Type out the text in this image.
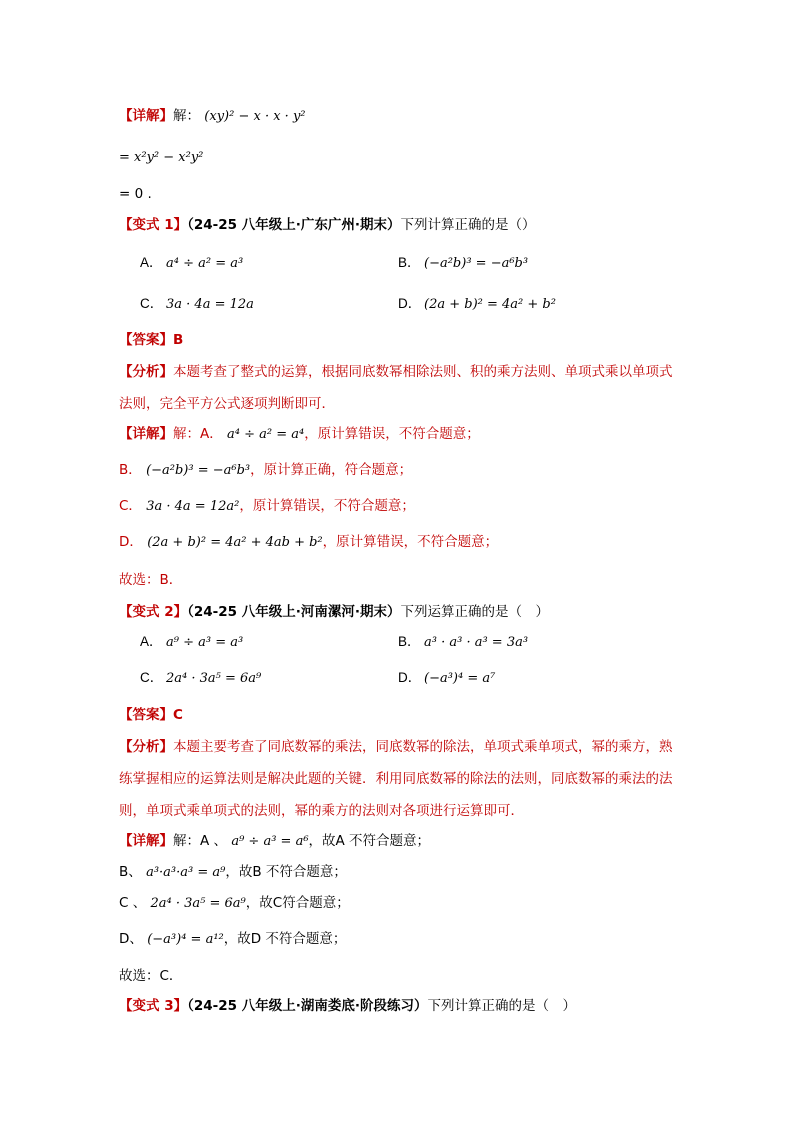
【详解】解： (xy)² − x · x · y²
= x²y² − x²y²
= 0 .
【变式 1】（24-25 八年级上·广东广州·期末）下列计算正确的是（）
A． a⁴ ÷ a² = a³	B． (−a²b)³ = −a⁶b³
C． 3a · 4a = 12a	D． (2a + b)² = 4a² + b²
【答案】B
【分析】本题考查了整式的运算，根据同底数幂相除法则、积的乘方法则、单项式乘以单项式法则，完全平方公式逐项判断即可．
【详解】解：A． a⁴ ÷ a² = a⁴，原计算错误，不符合题意；
B． (−a²b)³ = −a⁶b³，原计算正确，符合题意；
C． 3a · 4a = 12a²，原计算错误，不符合题意；
D． (2a + b)² = 4a² + 4ab + b²，原计算错误，不符合题意；
故选：B．
【变式 2】（24-25 八年级上·河南漯河·期末）下列运算正确的是（　）
A． a⁹ ÷ a³ = a³	B． a³ · a³ · a³ = 3a³
C． 2a⁴ · 3a⁵ = 6a⁹	D． (−a³)⁴ = a⁷
【答案】C
【分析】本题主要考查了同底数幂的乘法，同底数幂的除法，单项式乘单项式，幂的乘方，熟练掌握相应的运算法则是解决此题的关键．利用同底数幂的除法的法则，同底数幂的乘法的法则，单项式乘单项式的法则，幂的乘方的法则对各项进行运算即可．
【详解】解：A 、 a⁹ ÷ a³ = a⁶，故A 不符合题意；
B、 a³·a³·a³ = a⁹，故B 不符合题意；
C 、 2a⁴ · 3a⁵ = 6a⁹，故C符合题意；
D、 (−a³)⁴ = a¹²，故D 不符合题意；
故选：C．
【变式 3】（24-25 八年级上·湖南娄底·阶段练习）下列计算正确的是（　）
